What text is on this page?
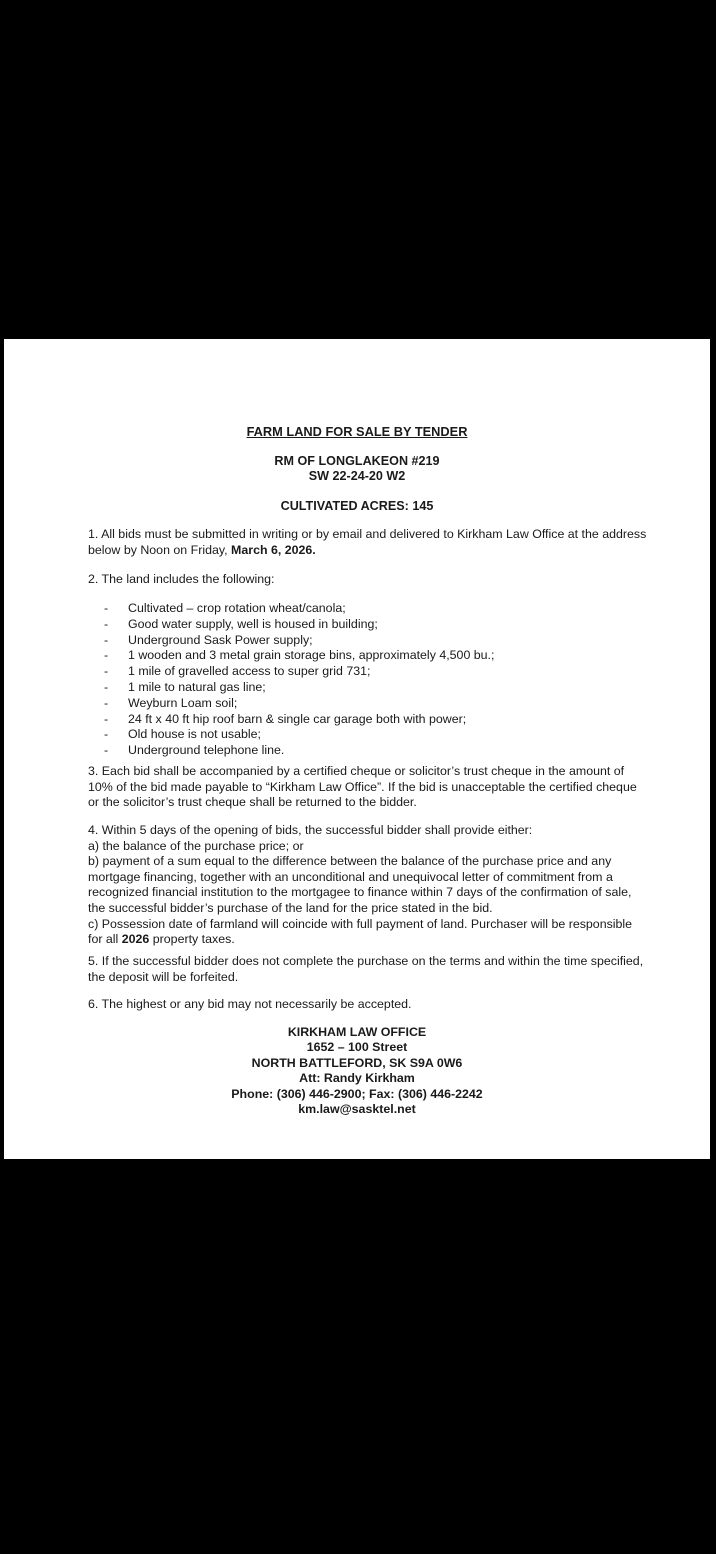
FARM LAND FOR SALE BY TENDER
RM OF LONGLAKEON #219
SW 22-24-20 W2
CULTIVATED ACRES: 145

1. All bids must be submitted in writing or by email and delivered to Kirkham Law Office at the address below by Noon on Friday, March 6, 2026.

2. The land includes the following:

- Cultivated – crop rotation wheat/canola;
- Good water supply, well is housed in building;
- Underground Sask Power supply;
- 1 wooden and 3 metal grain storage bins, approximately 4,500 bu.;
- 1 mile of gravelled access to super grid 731;
- 1 mile to natural gas line;
- Weyburn Loam soil;
- 24 ft x 40 ft hip roof barn & single car garage both with power;
- Old house is not usable;
- Underground telephone line.

3. Each bid shall be accompanied by a certified cheque or solicitor’s trust cheque in the amount of 10% of the bid made payable to “Kirkham Law Office”. If the bid is unacceptable the certified cheque or the solicitor’s trust cheque shall be returned to the bidder.

4. Within 5 days of the opening of bids, the successful bidder shall provide either:
a) the balance of the purchase price; or
b) payment of a sum equal to the difference between the balance of the purchase price and any mortgage financing, together with an unconditional and unequivocal letter of commitment from a recognized financial institution to the mortgagee to finance within 7 days of the confirmation of sale, the successful bidder’s purchase of the land for the price stated in the bid.
c) Possession date of farmland will coincide with full payment of land. Purchaser will be responsible for all 2026 property taxes.

5. If the successful bidder does not complete the purchase on the terms and within the time specified, the deposit will be forfeited.

6. The highest or any bid may not necessarily be accepted.

KIRKHAM LAW OFFICE
1652 – 100 Street
NORTH BATTLEFORD, SK S9A 0W6
Att: Randy Kirkham
Phone: (306) 446-2900; Fax: (306) 446-2242
km.law@sasktel.net
